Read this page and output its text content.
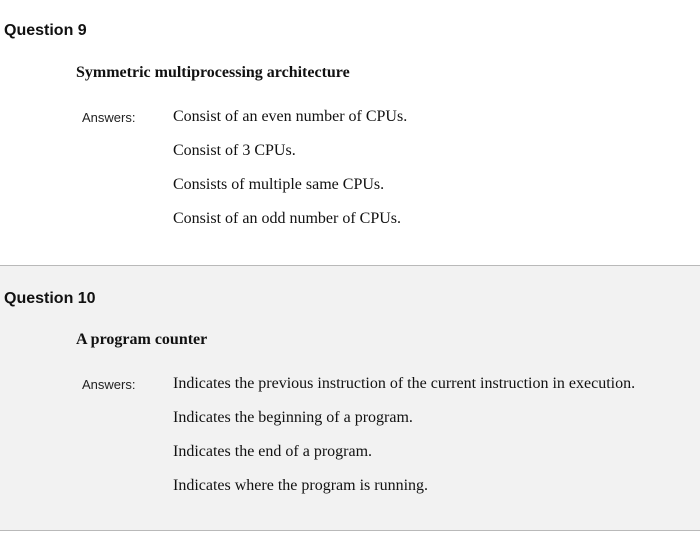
Question 9
Symmetric multiprocessing architecture
Answers: Consist of an even number of CPUs.
Consist of 3 CPUs.
Consists of multiple same CPUs.
Consist of an odd number of CPUs.
Question 10
A program counter
Answers: Indicates the previous instruction of the current instruction in execution.
Indicates the beginning of a program.
Indicates the end of a program.
Indicates where the program is running.
